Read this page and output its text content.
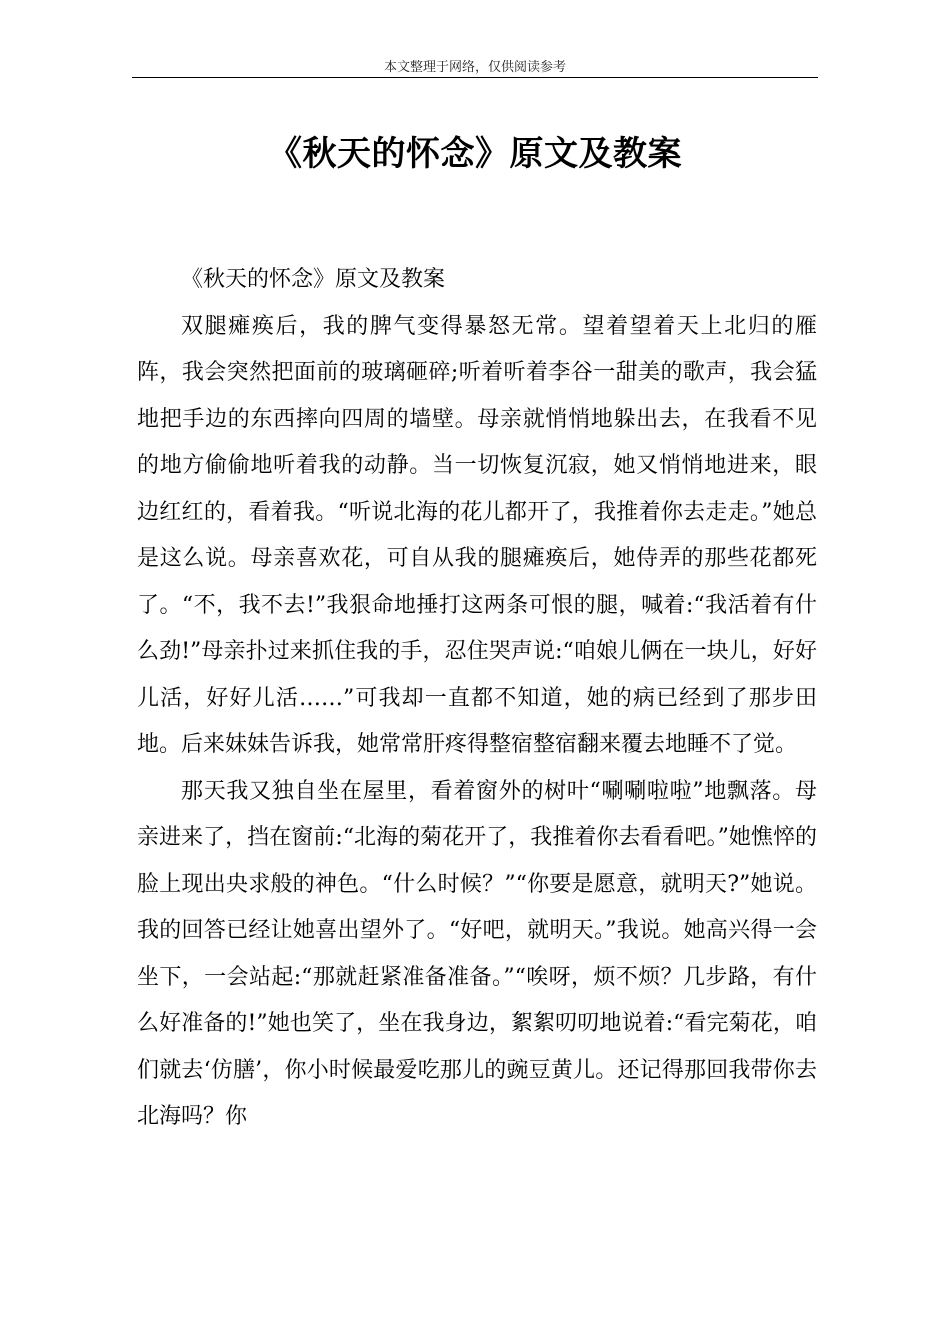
本文整理于网络，仅供阅读参考
《秋天的怀念》原文及教案

《秋天的怀念》原文及教案

双腿瘫痪后，我的脾气变得暴怒无常。望着望着天上北归的雁阵，我会突然把面前的玻璃砸碎;听着听着李谷一甜美的歌声，我会猛地把手边的东西摔向四周的墙壁。母亲就悄悄地躲出去，在我看不见的地方偷偷地听着我的动静。当一切恢复沉寂，她又悄悄地进来，眼边红红的，看着我。“听说北海的花儿都开了，我推着你去走走。”她总是这么说。母亲喜欢花，可自从我的腿瘫痪后，她侍弄的那些花都死了。“不，我不去!”我狠命地捶打这两条可恨的腿，喊着:“我活着有什么劲!”母亲扑过来抓住我的手，忍住哭声说:“咱娘儿俩在一块儿，好好儿活，好好儿活……”可我却一直都不知道，她的病已经到了那步田地。后来妹妹告诉我，她常常肝疼得整宿整宿翻来覆去地睡不了觉。

那天我又独自坐在屋里，看着窗外的树叶“唰唰啦啦”地飘落。母亲进来了，挡在窗前:“北海的菊花开了，我推着你去看看吧。”她憔悴的脸上现出央求般的神色。“什么时候？”“你要是愿意，就明天?”她说。我的回答已经让她喜出望外了。“好吧，就明天。”我说。她高兴得一会坐下，一会站起:“那就赶紧准备准备。”“唉呀，烦不烦？几步路，有什么好准备的!”她也笑了，坐在我身边，絮絮叨叨地说着:“看完菊花，咱们就去‘仿膳’，你小时候最爱吃那儿的豌豆黄儿。还记得那回我带你去北海吗？你
